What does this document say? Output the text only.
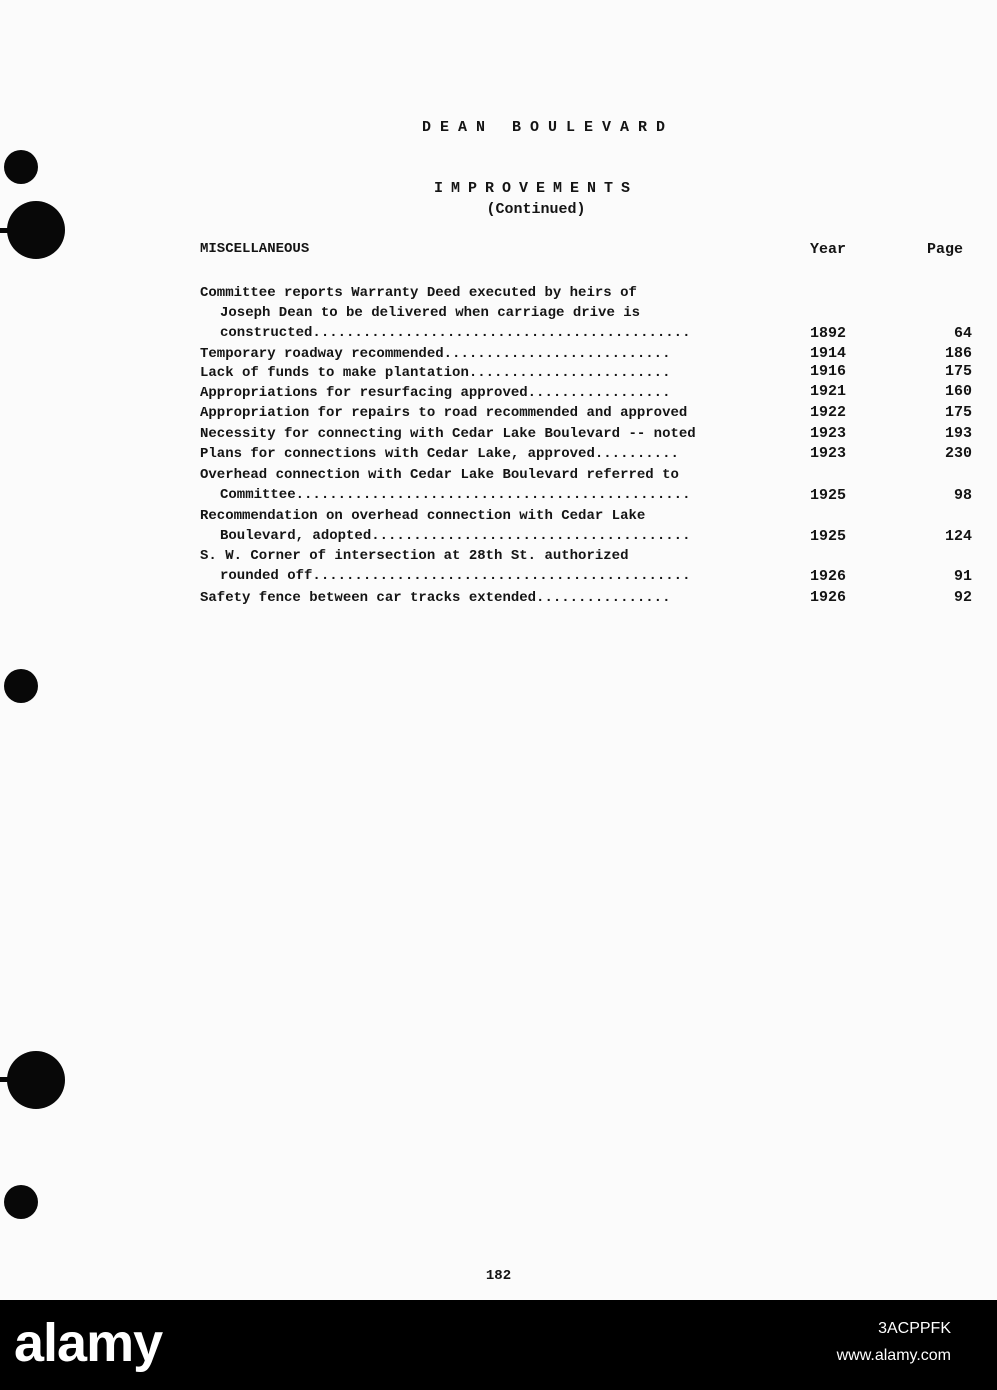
DEAN BOULEVARD
IMPROVEMENTS
(Continued)
MISCELLANEOUS	Year	Page
Committee reports Warranty Deed executed by heirs of
Joseph Dean to be delivered when carriage drive is
constructed.............................................	1892	64
Temporary roadway recommended...........................	1914	186
Lack of funds to make plantation........................	1916	175
Appropriations for resurfacing approved.................	1921	160
Appropriation for repairs to road recommended and approved	1922	175
Necessity for connecting with Cedar Lake Boulevard -- noted	1923	193
Plans for connections with Cedar Lake, approved..........	1923	230
Overhead connection with Cedar Lake Boulevard referred to
Committee...............................................	1925	98
Recommendation on overhead connection with Cedar Lake
Boulevard, adopted......................................	1925	124
S. W. Corner of intersection at 28th St. authorized
rounded off.............................................	1926	91
Safety fence between car tracks extended................	1926	92
182
alamy	3ACPPFK
www.alamy.com
